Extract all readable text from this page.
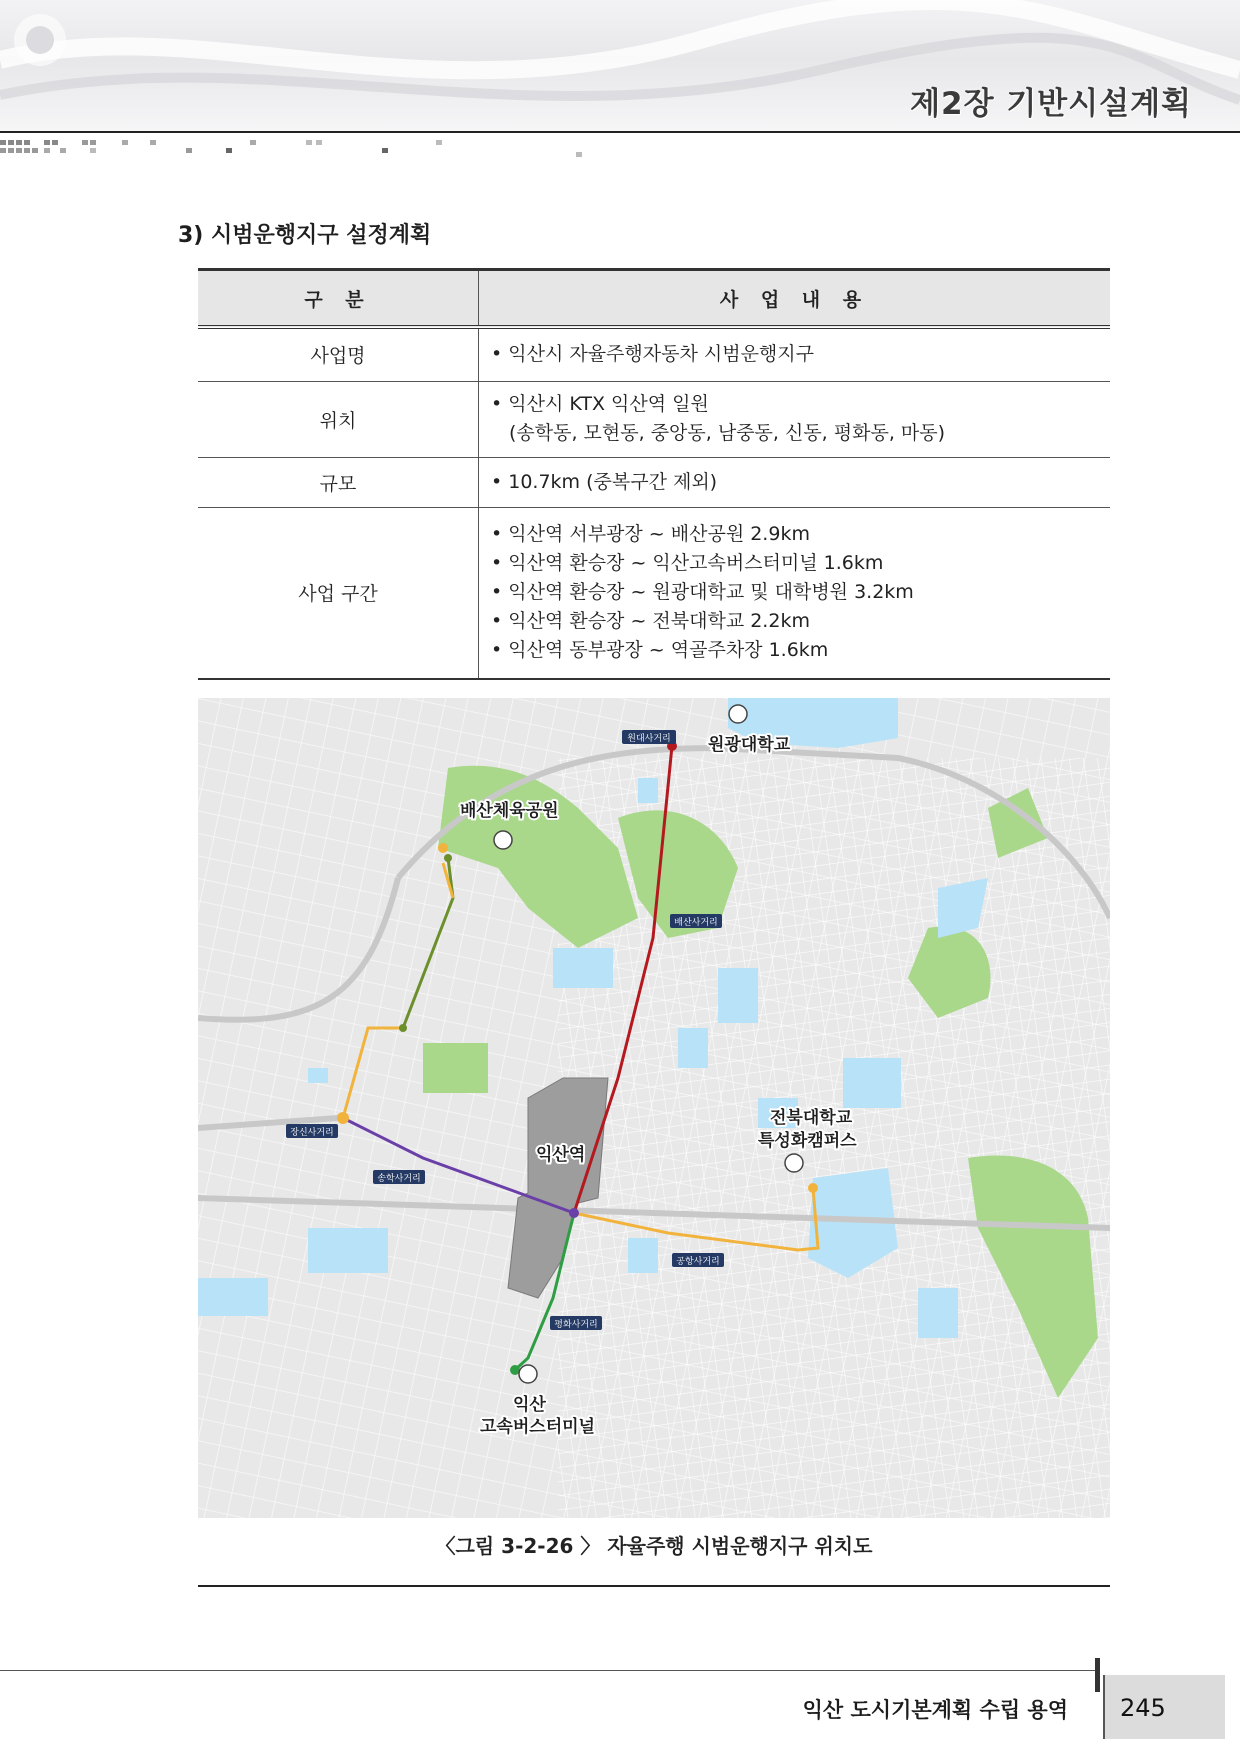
제2장 기반시설계획
3) 시범운행지구 설정계획
구 분	사 업 내 용
사업명	• 익산시 자율주행자동차 시범운행지구

위치	• 익산시 KTX 익산역 일원
(송학동, 모현동, 중앙동, 남중동, 신동, 평화동, 마동)

규모	• 10.7km (중복구간 제외)

사업 구간	• 익산역 서부광장 ~ 배산공원 2.9km
• 익산역 환승장 ~ 익산고속버스터미널 1.6km
• 익산역 환승장 ~ 원광대학교 및 대학병원 3.2km
• 익산역 환승장 ~ 전북대학교 2.2km
• 익산역 동부광장 ~ 역골주차장 1.6km
원광대학교
배산체육공원
익산역
전북대학교
특성화캠퍼스
익산
고속버스터미널
원대사거리
배산사거리
장신사거리
송학사거리
공항사거리
평화사거리
〈그림 3-2-26 〉 자율주행 시범운행지구 위치도
익산 도시기본계획 수립 용역 245
